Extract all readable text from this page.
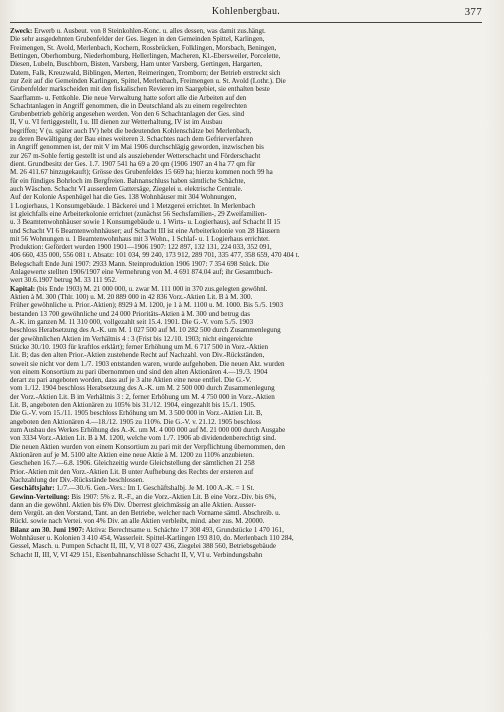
Kohlenbergbau.	377
Zweck: Erwerb u. Ausbeut. von 8 Steinkohlen-Konc. u. alles dessen, was damit zus.hängt.
Die sehr ausgedehnten Grubenfelder der Ges. liegen in den Gemeinden Spittel, Karlingen,
Freimengen, St. Avold, Merlenbach, Kochern, Rossbrücken, Folklingen, Morsbach, Beningen,
Bettingen, Oberhomburg, Niederhomburg, Hellerlingen, Macheren, Kl.-Ebersweiler, Porcelette,
Diesen, Lubeln, Buschborn, Bisten, Varsberg, Ham unter Varsberg, Gertingen, Hargarten,
Datem, Falk, Kreuzwald, Biblingen, Merten, Reimeringen, Tromborn; der Betrieb erstreckt sich
zur Zeit auf die Gemeinden Karlingen, Spittel, Merlenbach, Freimengen u. St. Avold (Lothr.). Die
Grubenfelder markscheiden mit den fiskalischen Revieren im Saargebiet, sie enthalten beste
Saarflamm- u. Fettkohle. Die neue Verwaltung hatte sofort alle die Arbeiten auf den
Schachtanlagen in Angriff genommen, die in Deutschland als zu einem regelrechten
Grubenbetrieb gehörig angesehen werden. Von den 6 Schachtanlagen der Ges. sind
II, V u. VI fertiggestellt, I u. III dienen zur Wetterhaltung, IV ist im Ausbau
begriffen; V (u. später auch IV) hebt die bedeutenden Kohlenschätze bei Merlenbach,
zu deren Bewältigung der Bau eines weiteren 3. Schachtes nach dem Gefrierverfahren
in Angriff genommen ist, der mit V im Mai 1906 durchschlägig geworden, inzwischen bis
zur 267 m-Sohle fertig gestellt ist und als ausziehender Wetterschacht und Förderschacht
dient. Grundbesitz der Ges. 1.7. 1907 541 ha 69 a 20 qm (1906 1907 an 4 ha 77 qm für
M. 26 411.67 hinzugekauft); Grösse des Grubenfeldes 15 669 ha; hierzu kommen noch 99 ha
für ein fündiges Bohrloch im Bergfreien. Bahnanschluss haben sämtliche Schächte,
auch Wäschen. Schacht VI ausserdem Gattersäge, Ziegelei u. elektrische Centrale.
Auf der Kolonie Aspenhügel hat die Ges. 138 Wohnhäuser mit 304 Wohnungen,
1 Logierhaus, 1 Konsumgebäude. 1 Bäckerei und 1 Metzgerei errichtet. In Merlenbach
ist gleichfalls eine Arbeiterkolonie errichtet (zunächst 56 Sechsfamilien-, 29 Zweifamilien-
u. 3 Beamtenwohnhäuser sowie 1 Konsumgebäude u. 1 Wirts- u. Logierhaus), auf Schacht II 15
und Schacht VI 6 Beamtenwohnhäuser; auf Schacht III ist eine Arbeiterkolonie von 28 Häusern
mit 56 Wohnungen u. 1 Beamtenwohnhaus mit 3 Wohn., 1 Schlaf- u. 1 Logierhaus errichtet.
Produktion: Gefördert wurden 1900 1901—1906 1907: 122 897, 132 131, 224 033, 352 091,
406 660, 435 000, 556 081 t. Absatz: 101 034, 99 240, 173 912, 289 701, 335 477, 358 659, 470 404 t.
Belegschaft Ende Juni 1907: 2933 Mann. Steinproduktion 1906 1907: 7 354 698 Stück. Die
Anlagewerte stellten 1906/1907 eine Vermehrung von M. 4 691 874.04 auf; ihr Gesamtbuch-
wert 30.6.1907 betrug M. 33 111 952.
Kapital: (bis Ende 1903) M. 21 000 000, u. zwar M. 111 000 in 370 zus.gelegten gewöhnl.
Aktien à M. 300 (Thlr. 100) u. M. 20 889 000 in 42 836 Vorz.-Aktien Lit. B à M. 300.
Früher gewöhnliche u. Prior.-Aktien); 8929 à M. 1200, je 1 à M. 1100 u. M. 1000. Bis 5./5. 1903
bestanden 13 700 gewöhnliche und 24 000 Prioritäts-Aktien à M. 300 und betrug das
A.-K. im ganzen M. 11 310 000, vollgezahlt seit 15.4. 1901. Die G.-V. vom 5./5. 1903
beschloss Herabsetzung des A.-K. um M. 1 027 500 auf M. 10 282 500 durch Zusammenlegung
der gewöhnlichen Aktien im Verhältnis 4 : 3 (Frist bis 12./10. 1903; nicht eingereichte
Stücke 30./10. 1903 für kraftlos erklärt); ferner Erhöhung um M. 6 717 500 in Vorz.-Aktien
Lit. B; das den alten Prior.-Aktien zustehende Recht auf Nachzahl. von Div.-Rückständen,
soweit sie nicht vor dem 1./7. 1903 entstanden waren, wurde aufgehoben. Die neuen Akt. wurden
von einem Konsortium zu pari übernommen und sind den alten Aktionären 4.—19./3. 1904
derart zu pari angeboten worden, dass auf je 3 alte Aktien eine neue entfiel. Die G.-V.
vom 1./12. 1904 beschloss Herabsetzung des A.-K. um M. 2 500 000 durch Zusammenlegung
der Vorz.-Aktien Lit. B im Verhältnis 3 : 2, ferner Erhöhung um M. 4 750 000 in Vorz.-Aktien
Lit. B, angeboten den Aktionären zu 105% bis 31./12. 1904, eingezahlt bis 15./1. 1905.
Die G.-V. vom 15./11. 1905 beschloss Erhöhung um M. 3 500 000 in Vorz.-Aktien Lit. B,
angeboten den Aktionären 4.—18./12. 1905 zu 110%. Die G.-V. v. 21.12. 1905 beschloss
zum Ausbau des Werkes Erhöhung des A.-K. um M. 4 000 000 auf M. 21 000 000 durch Ausgabe
von 3334 Vorz.-Aktien Lit. B à M. 1200, welche vom 1./7. 1906 ab dividendenberechtigt sind.
Die neuen Aktien wurden von einem Konsortium zu pari mit der Verpflichtung übernommen, den
Aktionären auf je M. 5100 alte Aktien eine neue Aktie à M. 1200 zu 110% anzubieten.
Geschehen 16.7.—6.8. 1906. Gleichzeitig wurde Gleichstellung der sämtlichen 21 258
Prior.-Aktien mit den Vorz.-Aktien Lit. B unter Aufhebung des Rechts der ersteren auf
Nachzahlung der Div.-Rückstände beschlossen.
Geschäftsjahr: 1./7.—30./6. Gen.-Vers.: Im I. Geschäftshalbj. Je M. 100 A.-K. = 1 St.
Gewinn-Verteilung: Bis 1907: 5% z. R.-F., an die Vorz.-Aktien Lit. B eine Vorz.-Div. bis 6%,
dann an die gewöhnl. Aktien bis 6% Div. Überrest gleichmässig an alle Aktien. Ausser-
dem Vergüt. an den Vorstand, Tant. an den Betriebe, welcher nach Vorname sämtl. Abschreib. u.
Rückl. sowie nach Vertei. von 4% Div. an alle Aktien verbleibt, mind. aber zus. M. 20000.
Bilanz am 30. Juni 1907: Aktiva: Berechtsame u. Schächte 17 308 493, Grundstücke 1 470 161,
Wohnhäuser u. Kolonien 3 410 454, Wasserleit. Spittel-Karlingen 193 810, do. Merlenbach 110 284,
Gessel, Masch. u. Pumpen Schacht II, III, V, VI 8 027 436, Ziegelei 388 560, Betriebsgebäude
Schacht II, III, V, VI 429 151, Eisenbahnanschlüsse Schacht II, V, VI u. Verbindungsbahn
